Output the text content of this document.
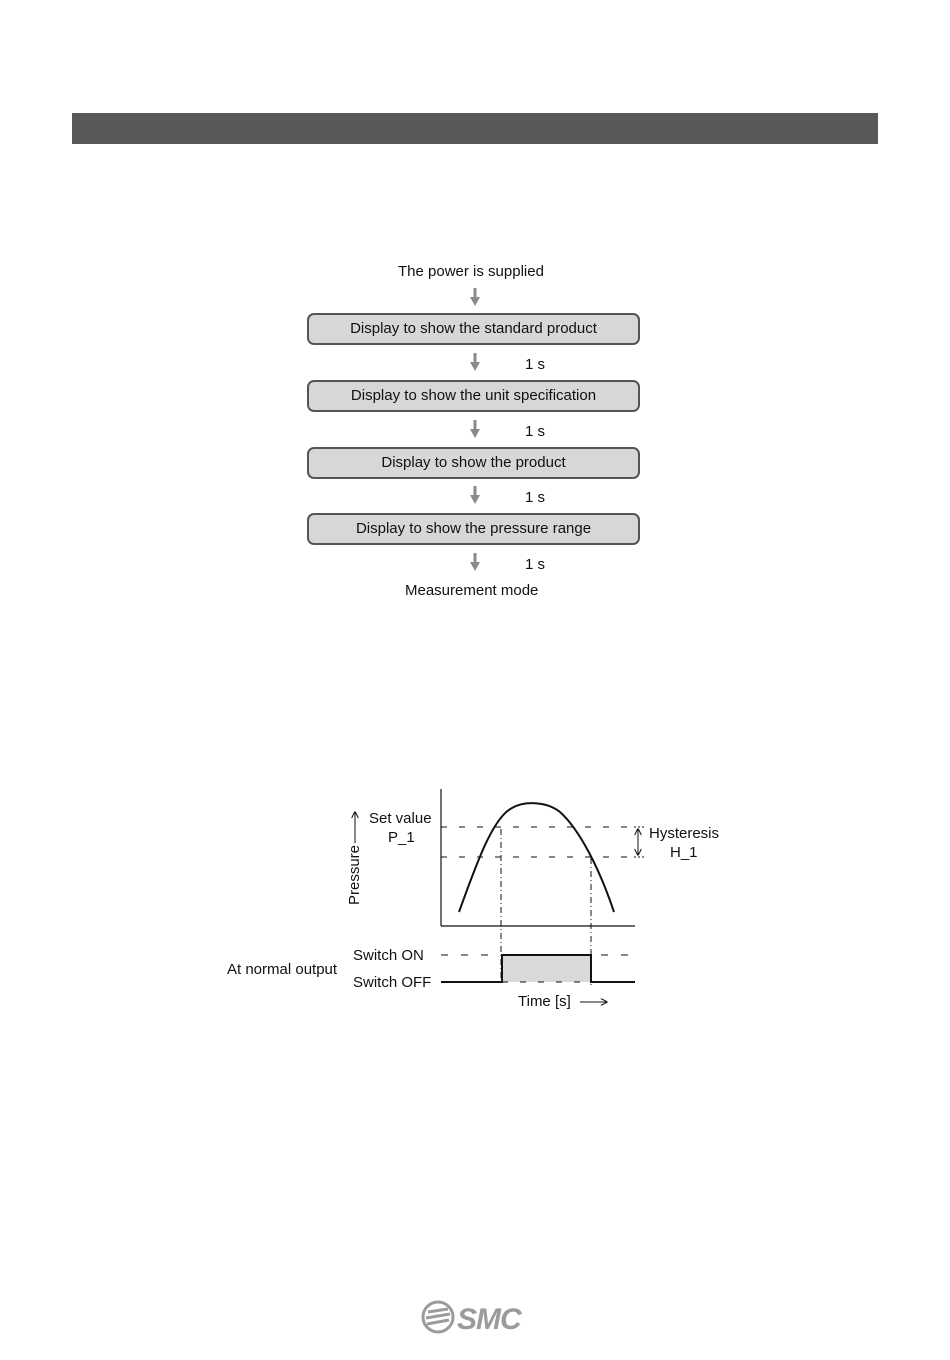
The power is supplied
Display to show the standard product
1 s
Display to show the unit specification
1 s
Display to show the product
1 s
Display to show the pressure range
1 s
Measurement mode
Pressure
Set value
P_1	Hysteresis
H_1
At normal output
Switch ON
Switch OFF
Time [s]
SMC
